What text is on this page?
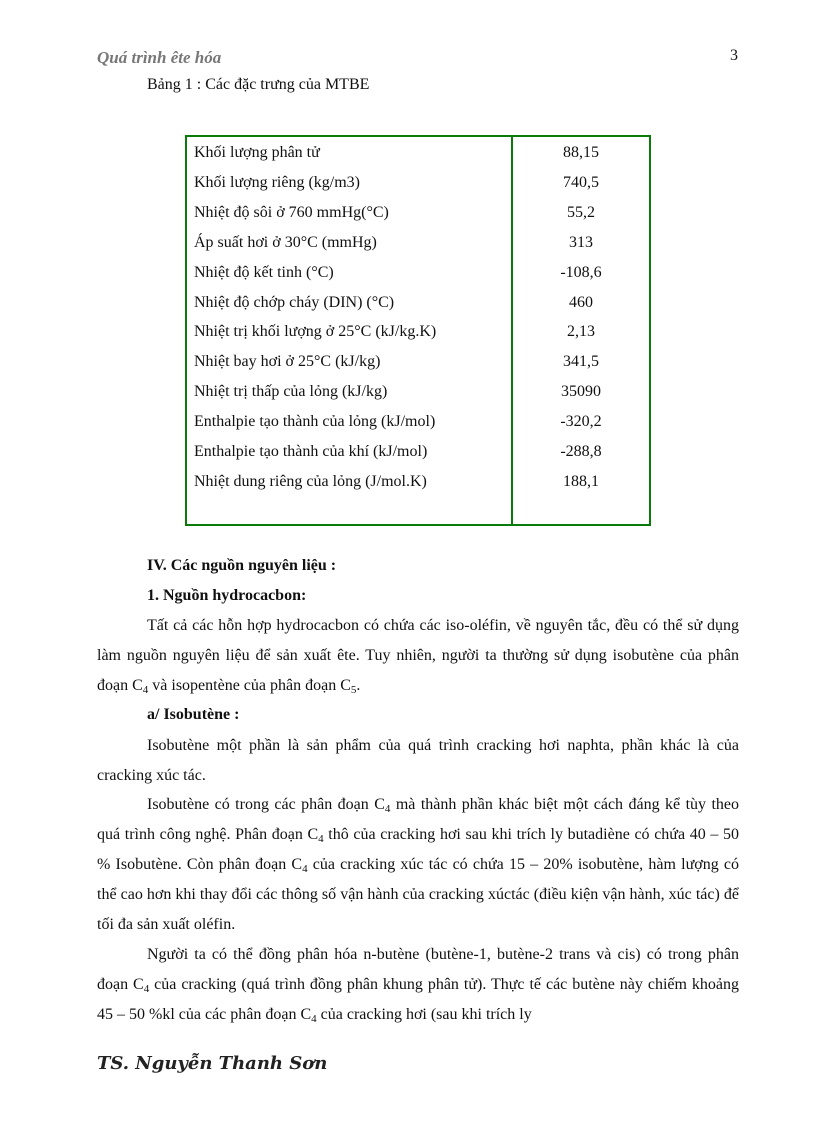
Quá trình ête hóa	3
Bảng 1 : Các đặc trưng của MTBE
Khối lượng phân tử	88,15
Khối lượng riêng (kg/m3)	740,5
Nhiệt độ sôi ở 760 mmHg(°C)	55,2
Áp suất hơi ở 30°C (mmHg)	313
Nhiệt độ kết tinh (°C)	-108,6
Nhiệt độ chớp cháy (DIN) (°C)	460
Nhiệt trị khối lượng ở 25°C (kJ/kg.K)	2,13
Nhiệt bay hơi ở 25°C (kJ/kg)	341,5
Nhiệt trị thấp của lỏng (kJ/kg)	35090
Enthalpie tạo thành của lỏng (kJ/mol)	-320,2
Enthalpie tạo thành của khí (kJ/mol)	-288,8
Nhiệt dung riêng của lỏng (J/mol.K)	188,1
IV. Các nguồn nguyên liệu :
1. Nguồn hydrocacbon:

Tất cả các hỗn hợp hydrocacbon có chứa các iso-oléfin, về nguyên tắc, đều có thể sử dụng làm nguồn nguyên liệu để sản xuất ête. Tuy nhiên, người ta thường sử dụng isobutène của phân đoạn $C_4$ và isopentène của phân đoạn $C_5$.

a/ Isobutène :

Isobutène một phần là sản phẩm của quá trình cracking hơi naphta, phần khác là của cracking xúc tác.

Isobutène có trong các phân đoạn $C_4$ mà thành phần khác biệt một cách đáng kể tùy theo quá trình công nghệ. Phân đoạn $C_4$ thô của cracking hơi sau khi trích ly butadiène có chứa 40 – 50 % Isobutène. Còn phân đoạn $C_4$ của cracking xúc tác có chứa 15 – 20% isobutène, hàm lượng có thể cao hơn khi thay đổi các thông số vận hành của cracking xúctác (điều kiện vận hành, xúc tác) để tối đa sản xuất oléfin.

Người ta có thể đồng phân hóa n-butène (butène-1, butène-2 trans và cis) có trong phân đoạn $C_4$ của cracking (quá trình đồng phân khung phân tử). Thực tế các butène này chiếm khoảng 45 – 50 %kl của các phân đoạn $C_4$ của cracking hơi (sau khi trích ly

TS. Nguyễn Thanh Sơn
